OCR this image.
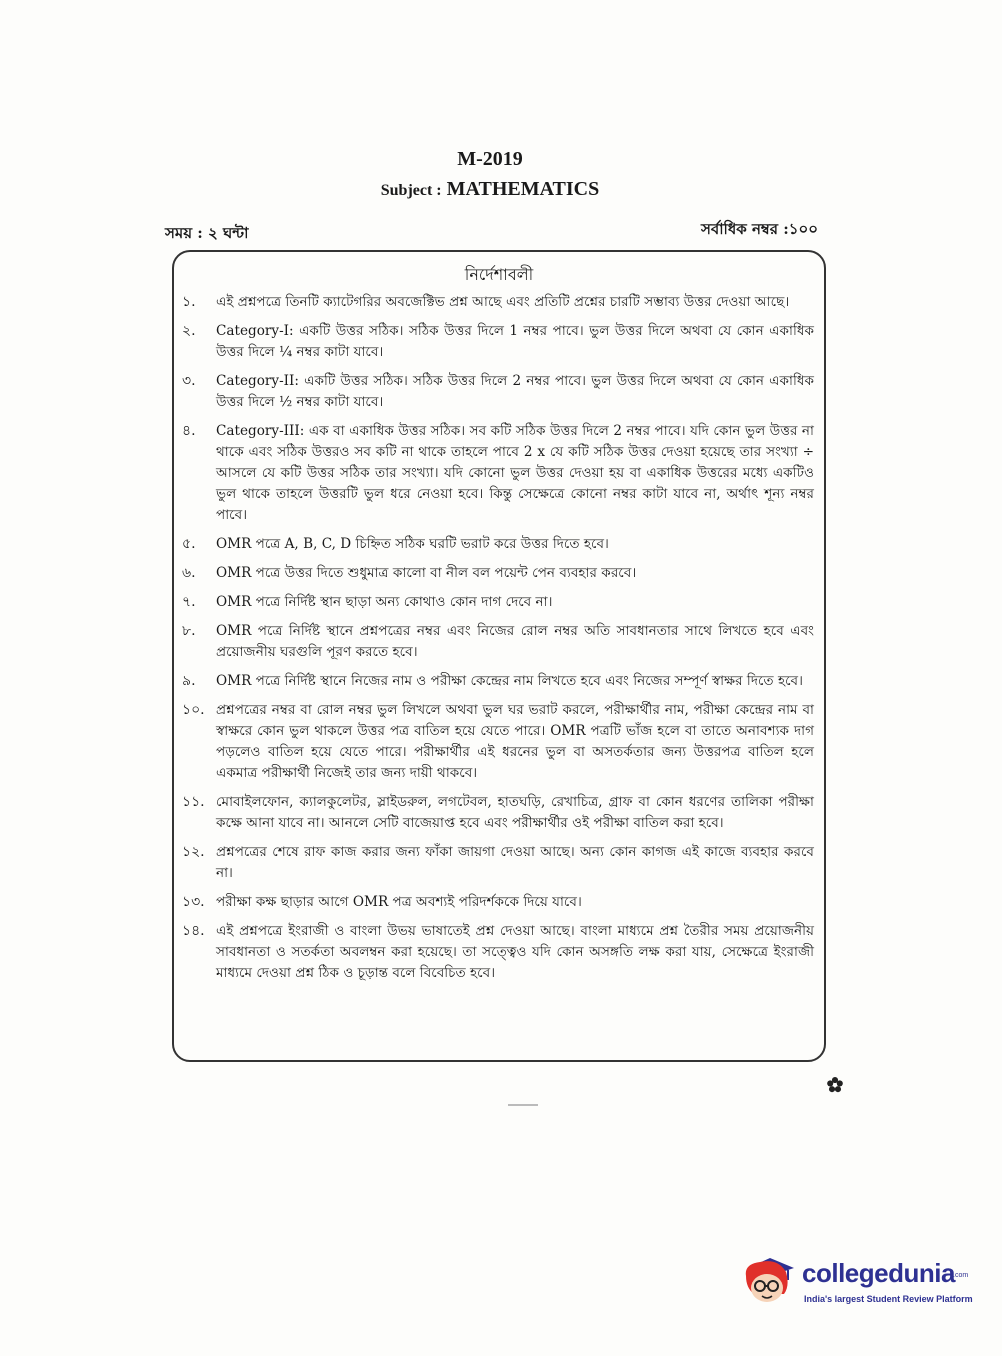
M-2019
Subject : MATHEMATICS
সময় : ২ ঘন্টা	সর্বাধিক নম্বর :১০০
নির্দেশাবলী
১.	এই প্রশ্নপত্রে তিনটি ক্যাটেগরির অবজেক্টিভ প্রশ্ন আছে এবং প্রতিটি প্রশ্নের চারটি সম্ভাব্য উত্তর দেওয়া আছে।
২.	Category-I: একটি উত্তর সঠিক। সঠিক উত্তর দিলে 1 নম্বর পাবে। ভুল উত্তর দিলে অথবা যে কোন একাধিক উত্তর দিলে ¼ নম্বর কাটা যাবে।
৩.	Category-II: একটি উত্তর সঠিক। সঠিক উত্তর দিলে 2 নম্বর পাবে। ভুল উত্তর দিলে অথবা যে কোন একাধিক উত্তর দিলে ½ নম্বর কাটা যাবে।
৪.	Category-III: এক বা একাধিক উত্তর সঠিক। সব কটি সঠিক উত্তর দিলে 2 নম্বর পাবে। যদি কোন ভুল উত্তর না থাকে এবং সঠিক উত্তরও সব কটি না থাকে তাহলে পাবে 2 x যে কটি সঠিক উত্তর দেওয়া হয়েছে তার সংখ্যা ÷ আসলে যে কটি উত্তর সঠিক তার সংখ্যা। যদি কোনো ভুল উত্তর দেওয়া হয় বা একাধিক উত্তরের মধ্যে একটিও ভুল থাকে তাহলে উত্তরটি ভুল ধরে নেওয়া হবে। কিন্তু সেক্ষেত্রে কোনো নম্বর কাটা যাবে না, অর্থাৎ শূন্য নম্বর পাবে।
৫.	OMR পত্রে A, B, C, D চিহ্নিত সঠিক ঘরটি ভরাট করে উত্তর দিতে হবে।
৬.	OMR পত্রে উত্তর দিতে শুধুমাত্র কালো বা নীল বল পয়েন্ট পেন ব্যবহার করবে।
৭.	OMR পত্রে নির্দিষ্ট স্থান ছাড়া অন্য কোথাও কোন দাগ দেবে না।
৮.	OMR পত্রে নির্দিষ্ট স্থানে প্রশ্নপত্রের নম্বর এবং নিজের রোল নম্বর অতি সাবধানতার সাথে লিখতে হবে এবং প্রয়োজনীয় ঘরগুলি পূরণ করতে হবে।
৯.	OMR পত্রে নির্দিষ্ট স্থানে নিজের নাম ও পরীক্ষা কেন্দ্রের নাম লিখতে হবে এবং নিজের সম্পূর্ণ স্বাক্ষর দিতে হবে।
১০. প্রশ্নপত্রের নম্বর বা রোল নম্বর ভুল লিখলে অথবা ভুল ঘর ভরাট করলে, পরীক্ষার্থীর নাম, পরীক্ষা কেন্দ্রের নাম বা স্বাক্ষরে কোন ভুল থাকলে উত্তর পত্র বাতিল হয়ে যেতে পারে। OMR পত্রটি ভাঁজ হলে বা তাতে অনাবশ্যক দাগ পড়লেও বাতিল হয়ে যেতে পারে। পরীক্ষার্থীর এই ধরনের ভুল বা অসতর্কতার জন্য উত্তরপত্র বাতিল হলে একমাত্র পরীক্ষার্থী নিজেই তার জন্য দায়ী থাকবে।
১১. মোবাইলফোন, ক্যালকুলেটর, স্লাইডরুল, লগটেবল, হাতঘড়ি, রেখাচিত্র, গ্রাফ বা কোন ধরণের তালিকা পরীক্ষা কক্ষে আনা যাবে না। আনলে সেটি বাজেয়াপ্ত হবে এবং পরীক্ষার্থীর ওই পরীক্ষা বাতিল করা হবে।
১২. প্রশ্নপত্রের শেষে রাফ কাজ করার জন্য ফাঁকা জায়গা দেওয়া আছে। অন্য কোন কাগজ এই কাজে ব্যবহার করবে না।
১৩. পরীক্ষা কক্ষ ছাড়ার আগে OMR পত্র অবশ্যই পরিদর্শককে দিয়ে যাবে।
১৪. এই প্রশ্নপত্রে ইংরাজী ও বাংলা উভয় ভাষাতেই প্রশ্ন দেওয়া আছে। বাংলা মাধ্যমে প্রশ্ন তৈরীর সময় প্রয়োজনীয় সাবধানতা ও সতর্কতা অবলম্বন করা হয়েছে। তা সত্ত্বেও যদি কোন অসঙ্গতি লক্ষ করা যায়, সেক্ষেত্রে ইংরাজী মাধ্যমে দেওয়া প্রশ্ন ঠিক ও চূড়ান্ত বলে বিবেচিত হবে।
collegedunia
.com
India's largest Student Review Platform
